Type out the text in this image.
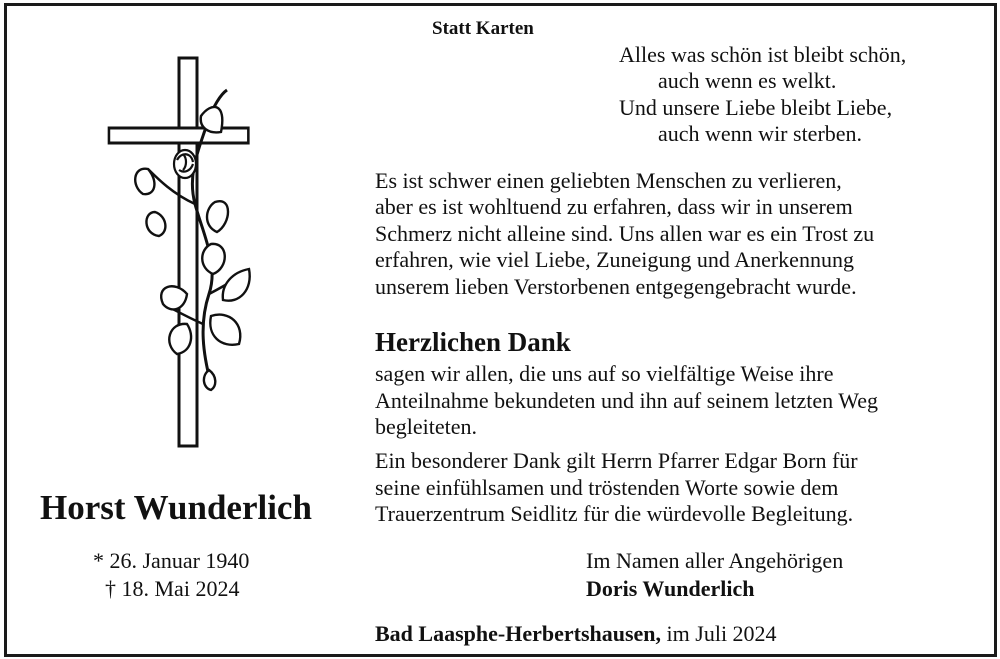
Statt Karten
Alles was schön ist bleibt schön,
auch wenn es welkt.
Und unsere Liebe bleibt Liebe,
auch wenn wir sterben.
Es ist schwer einen geliebten Menschen zu verlieren,
aber es ist wohltuend zu erfahren, dass wir in unserem
Schmerz nicht alleine sind. Uns allen war es ein Trost zu
erfahren, wie viel Liebe, Zuneigung und Anerkennung
unserem lieben Verstorbenen entgegengebracht wurde.
Herzlichen Dank
sagen wir allen, die uns auf so vielfältige Weise ihre
Anteilnahme bekundeten und ihn auf seinem letzten Weg
begleiteten.
Ein besonderer Dank gilt Herrn Pfarrer Edgar Born für
seine einfühlsamen und tröstenden Worte sowie dem
Trauerzentrum Seidlitz für die würdevolle Begleitung.
Horst Wunderlich
* 26. Januar 1940
† 18. Mai 2024
Im Namen aller Angehörigen
Doris Wunderlich
Bad Laasphe-Herbertshausen, im Juli 2024
